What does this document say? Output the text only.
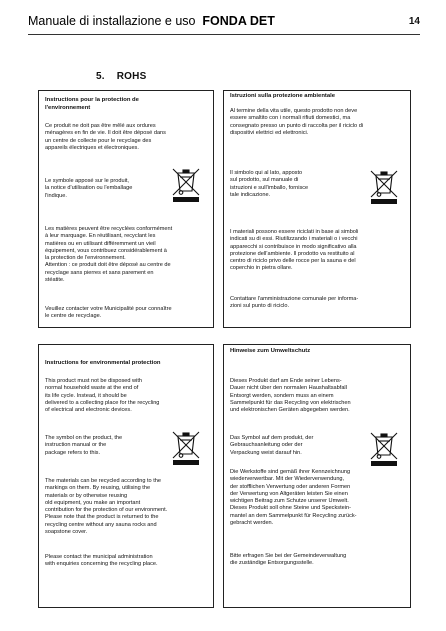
Manuale di installazione e uso FONDA DET	14
5. ROHS
Instructions pour la protection de
l'environnement
Ce produit ne doit pas être mêlé aux ordures
ménagères en fin de vie. Il doit être déposé dans
un centre de collecte pour le recyclage des
appareils électriques et électroniques.
Le symbole apposé sur le produit,
la notice d'utilisation ou l'emballage
l'indique.
Les matières peuvent être recyclées conformément
à leur marquage. En réutilisant, recyclant les
matières ou en utilisant différemment un vieil
équipement, vous contribuez considérablement à
la protection de l'environnement.
Attention : ce produit doit être déposé au centre de
recyclage sans pierres et sans parement en
stéatite.
Veuillez contacter votre Municipalité pour connaître
le centre de recyclage.
Istruzioni sulla protezione ambientale
Al termine della vita utile, questo prodotto non deve
essere smaltito con i normali rifiuti domestici, ma
consegnato presso un punto di raccolta per il riciclo di
dispositivi elettrici ed elettronici.
Il simbolo qui al lato, apposto
sul prodotto, sul manuale di
istruzioni e sull'imballo, fornisce
tale indicazione.
I materiali possono essere riciclati in base ai simboli
indicati su di essi. Riutilizzando i materiali o i vecchi
apparecchi si contribuisce in modo significativo alla
protezione dell'ambiente. Il prodotto va restituito al
centro di riciclo privo delle rocce per la sauna e del
coperchio in pietra ollare.
Contattare l'amministrazione comunale per informa-
zioni sul punto di riciclo.
Instructions for environmental protection
This product must not be disposed with
normal household waste at the end of
its life cycle. Instead, it should be
delivered to a collecting place for the recycling
of electrical and electronic devices.
The symbol on the product, the
instruction manual or the
package refers to this.
The materials can be recycled according to the
markings on them. By reusing, utilising the
materials or by otherwise reusing
old equipment, you make an important
contribution for the protection of our environment.
Please note that the product is returned to the
recycling centre without any sauna rocks and
soapstone cover.
Please contact the municipal administration
with enquiries concerning the recycling place.
Hinweise zum Umweltschutz
Dieses Produkt darf am Ende seiner Lebens-
Dauer nicht über den normalen Haushaltsabfall
Entsorgt werden, sondern muss an einem
Sammelpunkt für das Recycling von elektrischen
und elektronischen Geräten abgegeben werden.
Das Symbol auf dem produkt, der
Gebrauchsanleitung oder der
Verpackung weist darauf hin.
Die Werkstoffe sind gemäß ihrer Kennzeichnung
wiederverwertbar. Mit der Wiederverwendung,
der stofflichen Verwertung oder anderen Formen
der Verwertung von Altgeräten leisten Sie einen
wichtigen Beitrag zum Schutze unserer Umwelt.
Dieses Produkt soll ohne Steine und Speckstein-
mantel an dem Sammelpunkt für Recycling zurück-
gebracht werden.
Bitte erfragen Sie bei der Gemeindeverwaltung
die zuständige Entsorgungsstelle.
